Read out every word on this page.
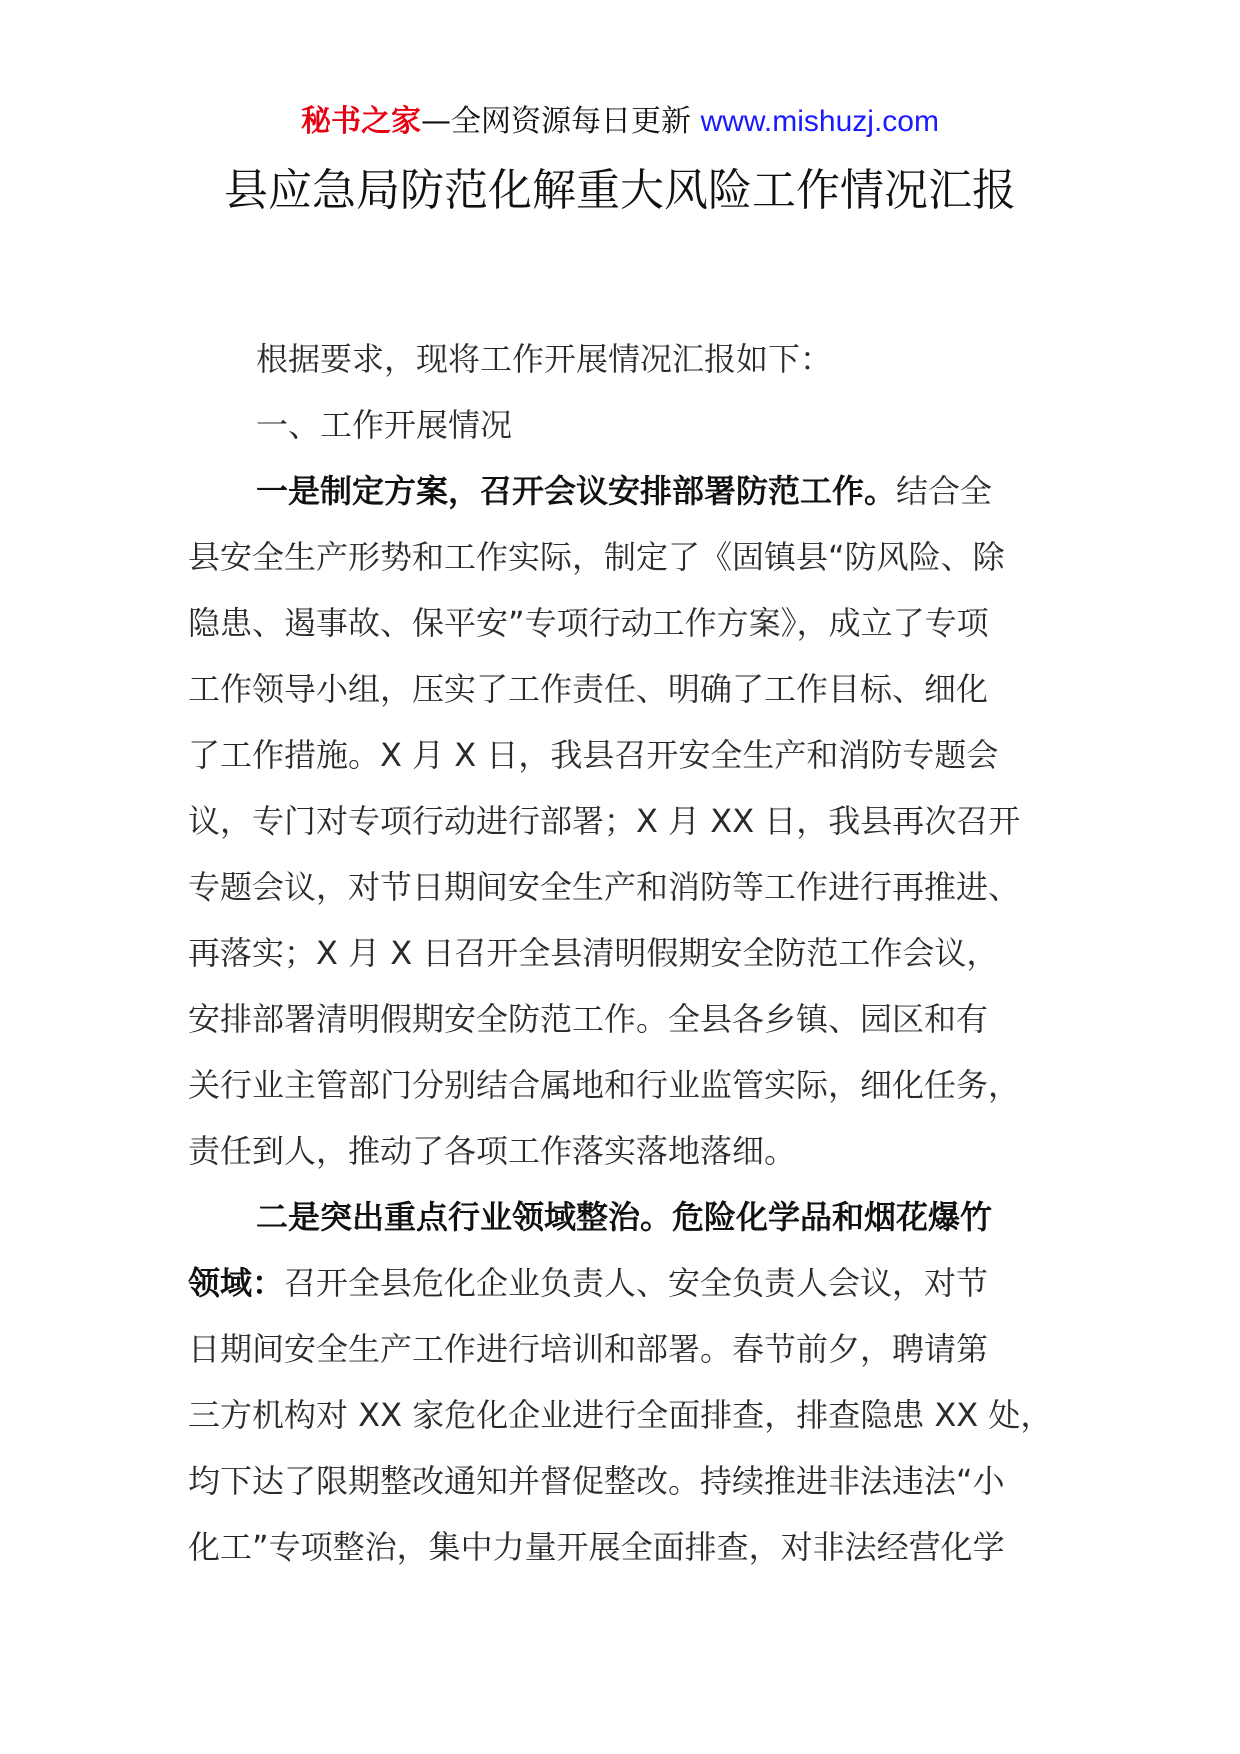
秘书之家—全网资源每日更新 www.mishuzj.com
县应急局防范化解重大风险工作情况汇报
根据要求，现将工作开展情况汇报如下：
一、工作开展情况
一是制定方案，召开会议安排部署防范工作。结合全
县安全生产形势和工作实际，制定了《固镇县“防风险、除
隐患、遏事故、保平安”专项行动工作方案》，成立了专项
工作领导小组，压实了工作责任、明确了工作目标、细化
了工作措施。X 月 X 日，我县召开安全生产和消防专题会
议，专门对专项行动进行部署；X 月 XX 日，我县再次召开
专题会议，对节日期间安全生产和消防等工作进行再推进、
再落实；X 月 X 日召开全县清明假期安全防范工作会议，
安排部署清明假期安全防范工作。全县各乡镇、园区和有
关行业主管部门分别结合属地和行业监管实际，细化任务，
责任到人，推动了各项工作落实落地落细。
二是突出重点行业领域整治。危险化学品和烟花爆竹
领域：召开全县危化企业负责人、安全负责人会议，对节
日期间安全生产工作进行培训和部署。春节前夕，聘请第
三方机构对 XX 家危化企业进行全面排查，排查隐患 XX 处，
均下达了限期整改通知并督促整改。持续推进非法违法“小
化工”专项整治，集中力量开展全面排查，对非法经营化学
